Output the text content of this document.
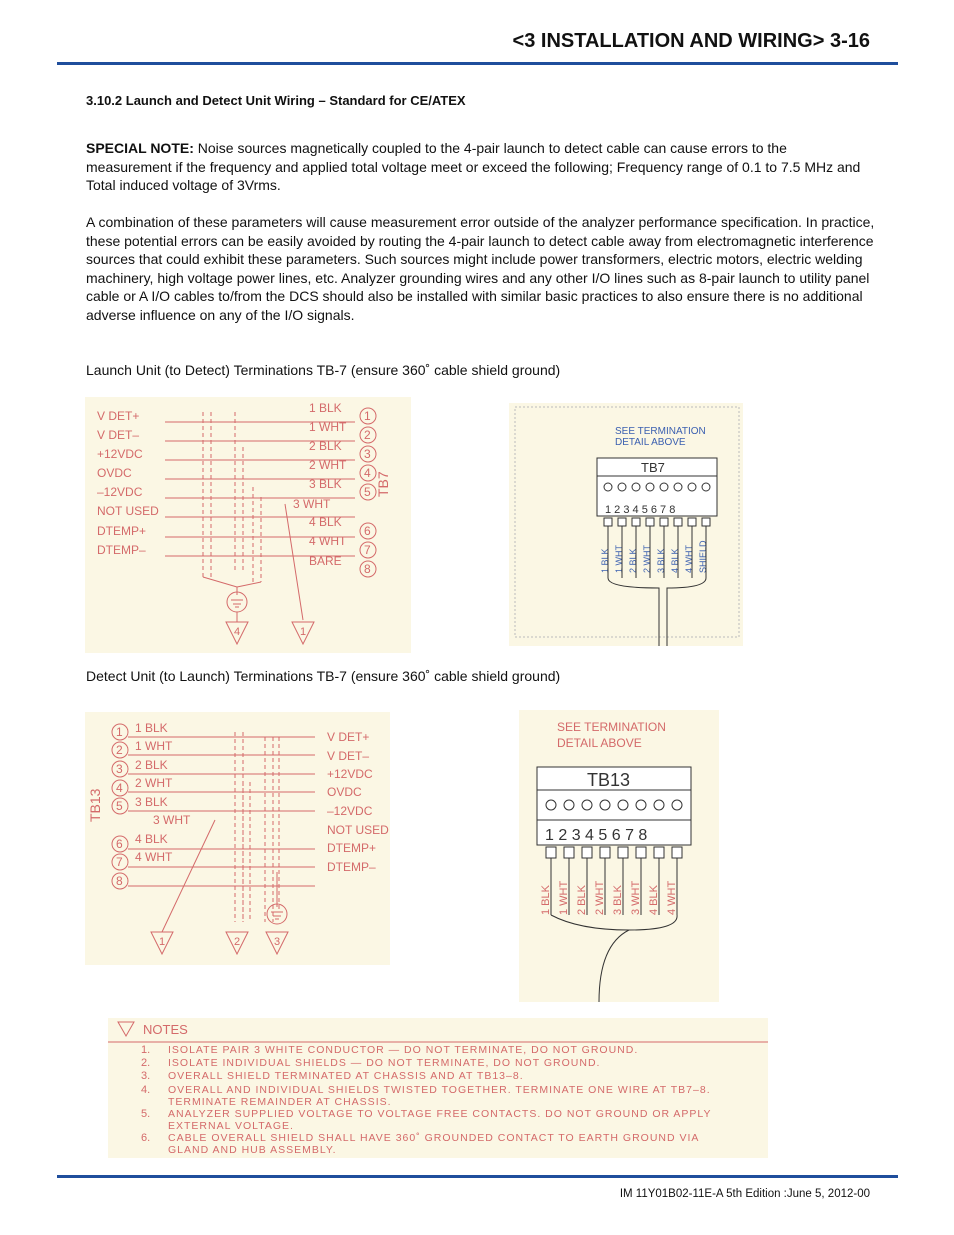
<3 INSTALLATION AND WIRING> 3-16
3.10.2 Launch and Detect Unit Wiring – Standard for CE/ATEX
SPECIAL NOTE: Noise sources magnetically coupled to the 4-pair launch to detect cable can cause errors to the measurement if the frequency and applied total voltage meet or exceed the following; Frequency range of 0.1 to 7.5 MHz and Total induced voltage of 3Vrms.
A combination of these parameters will cause measurement error outside of the analyzer performance specification. In practice, these potential errors can be easily avoided by routing the 4-pair launch to detect cable away from electromagnetic interference sources that could exhibit these parameters. Such sources might include power transformers, electric motors, electric welding machinery, high voltage power lines, etc. Analyzer grounding wires and any other I/O lines such as 8-pair launch to utility panel cable or A I/O cables to/from the DCS should also be installed with similar basic practices to also ensure there is no additional adverse influence on any of the I/O signals.
Launch Unit (to Detect) Terminations TB-7 (ensure 360˚ cable shield ground)
V DET+
V DET–
+12VDC
OVDC
–12VDC
NOT USED
DTEMP+
DTEMP–
1 BLK
1 WHT
2 BLK
2 WHT
3 BLK
3 WHT
4 BLK
4 WHT
BARE
1
2
3
4
5
6
7
8
TB7
4	1
SEE TERMINATION
DETAIL ABOVE
TB7
1 2 3 4 5 6 7 8
1 BLK 1 WHT 2 BLK 2 WHT 3 BLK 4 BLK 4 WHT SHIELD
Detect Unit (to Launch) Terminations TB-7 (ensure 360˚ cable shield ground)
1
2
3
4
5
6
7
8
TB13
1 BLK
1 WHT
2 BLK
2 WHT
3 BLK
3 WHT
4 BLK
4 WHT
V DET+
V DET–
+12VDC
OVDC
–12VDC
NOT USED
DTEMP+
DTEMP–
1	2	3
SEE TERMINATION
DETAIL ABOVE
TB13
1 2 3 4 5 6 7 8
1 BLK 1 WHT 2 BLK 2 WHT 3 BLK 3 WHT 4 BLK 4 WHT
NOTES
1. ISOLATE PAIR 3 WHITE CONDUCTOR — DO NOT TERMINATE, DO NOT GROUND.
2. ISOLATE INDIVIDUAL SHIELDS — DO NOT TERMINATE, DO NOT GROUND.
3. OVERALL SHIELD TERMINATED AT CHASSIS AND AT TB13–8.
4. OVERALL AND INDIVIDUAL SHIELDS TWISTED TOGETHER. TERMINATE ONE WIRE AT TB7–8.
TERMINATE REMAINDER AT CHASSIS.
5. ANALYZER SUPPLIED VOLTAGE TO VOLTAGE FREE CONTACTS. DO NOT GROUND OR APPLY
EXTERNAL VOLTAGE.
6. CABLE OVERALL SHIELD SHALL HAVE 360˚ GROUNDED CONTACT TO EARTH GROUND VIA
GLAND AND HUB ASSEMBLY.
IM 11Y01B02-11E-A 5th Edition :June 5, 2012-00
